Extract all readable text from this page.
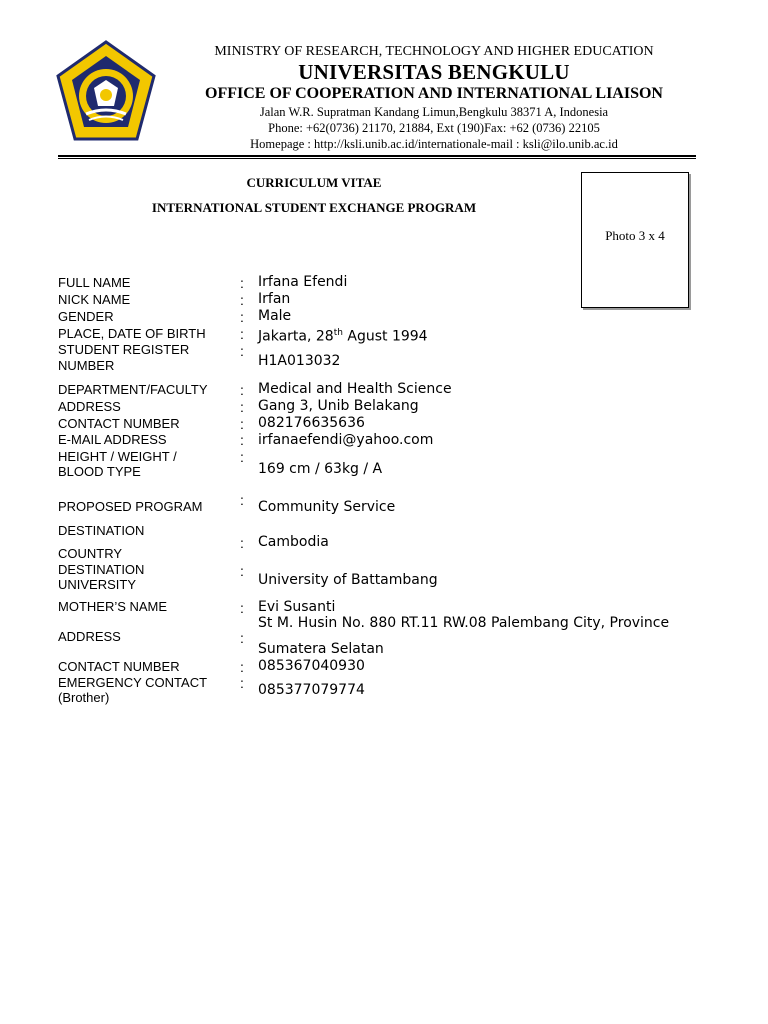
MINISTRY OF RESEARCH, TECHNOLOGY AND HIGHER EDUCATION
UNIVERSITAS BENGKULU
OFFICE OF COOPERATION AND INTERNATIONAL LIAISON
Jalan W.R. Supratman Kandang Limun,Bengkulu 38371 A, Indonesia
Phone: +62(0736) 21170, 21884, Ext (190)Fax: +62 (0736) 22105
Homepage : http://ksli.unib.ac.id/internationale-mail : ksli@ilo.unib.ac.id
CURRICULUM VITAE
INTERNATIONAL STUDENT EXCHANGE PROGRAM
Photo 3 x 4
FULL NAME	: Irfana Efendi
NICK NAME	: Irfan
GENDER	: Male
PLACE, DATE OF BIRTH	: Jakarta, 28th Agust 1994
STUDENT REGISTER
NUMBER
:
H1A013032
DEPARTMENT/FACULTY	: Medical and Health Science
ADDRESS	: Gang 3, Unib Belakang
CONTACT NUMBER	: 082176635636
E-MAIL ADDRESS	: irfanaefendi@yahoo.com
HEIGHT / WEIGHT /
BLOOD TYPE
:
169 cm / 63kg / A
PROPOSED PROGRAM	: Community Service
DESTINATION
COUNTRY
: Cambodia
DESTINATION
UNIVERSITY
:
University of Battambang
MOTHER’S NAME	: Evi Susanti
ADDRESS	:
St M. Husin No. 880 RT.11 RW.08 Palembang City, Province
Sumatera Selatan
CONTACT NUMBER	: 085367040930
EMERGENCY CONTACT
(Brother)
: 085377079774
